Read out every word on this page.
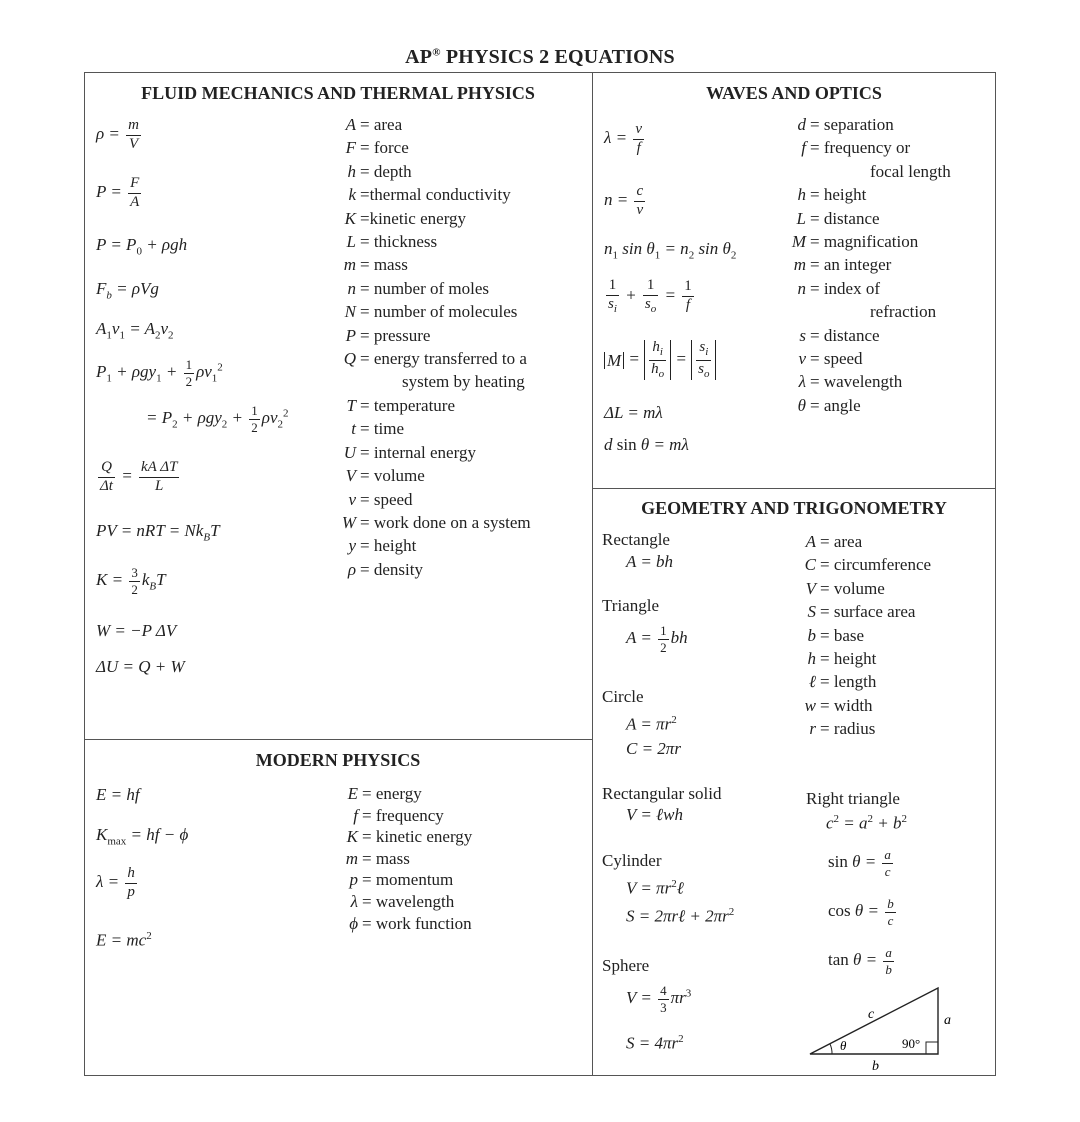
AP® PHYSICS 2 EQUATIONS
FLUID MECHANICS AND THERMAL PHYSICS	WAVES AND OPTICS
GEOMETRY AND TRIGONOMETRY
MODERN PHYSICS
$\rho = \frac{m}{V}$
$P = \frac{F}{A}$
$P = P_0 + \rho gh$
$F_b = \rho Vg$
$A_1v_1 = A_2v_2$
$P_1 + \rho gy_1 + \frac{1}{2} \rho v_1^2$
= $P_2 + \rho gy_2 + \frac{1}{2} \rho v_2^2$
$\frac{Q}{\Delta t} = \frac{\text{kA ΔT}}{L}$
PV = nRT = $Nk_BT$
$K = \frac{3}{2} k_BT$
W = −P ΔV
ΔU = Q + W
A = area
F = force
h = depth
k =thermal conductivity
K =kinetic energy
L = thickness
m = mass
n = number of moles
N = number of molecules
P = pressure
Q = energy transferred to a
system by heating
T = temperature
t = time
U = internal energy
V = volume
v = speed
W = work done on a system
y = height
ρ = density
$\lambda = \frac{v}{f}$
$n = \frac{c}{v}$
$n_1$ $\sin \theta_1 = n_2$ $\sin \theta_2$
$\frac{1}{s_i} + \frac{1}{s_o} = \frac{1}{f}$
$M = \frac{h_i}{h_o} = \frac{s_i}{s_o}$
ΔL = mλ
d sin θ = mλ
d = separation
f = frequency or
focal length
h = height
L = distance
M = magnification
m = an integer
n = index of
refraction
s = distance
v = speed
λ = wavelength
θ = angle
Rectangle
A = bh
Triangle
$A = \frac{1}{2}$ bh
Circle
$A = \pi r^2$
C = 2πr
Rectangular solid
V = ℓwh
Cylinder
$V = \pi r^2\ell$
S = 2πrℓ + $2\pi r^2$
Sphere
$V = \frac{4}{3} \pi r^3$
$S = 4\pi r^2$
Right triangle
$c^2 = a^2 + b^2$
$\sin \theta = \frac{a}{c}$
$\cos \theta = \frac{b}{c}$
$\tan \theta = \frac{a}{b}$
c	a
b
θ	90°
A = area
C = circumference
V = volume
S = surface area
b = base
h = height
ℓ = length
w = width
r = radius
E = hf
$K_{max}$ = hf − ϕ
$\lambda = \frac{h}{p}$
$E = mc^2$
E = energy
f = frequency
K = kinetic energy
m = mass
p = momentum
λ = wavelength
ϕ = work function
